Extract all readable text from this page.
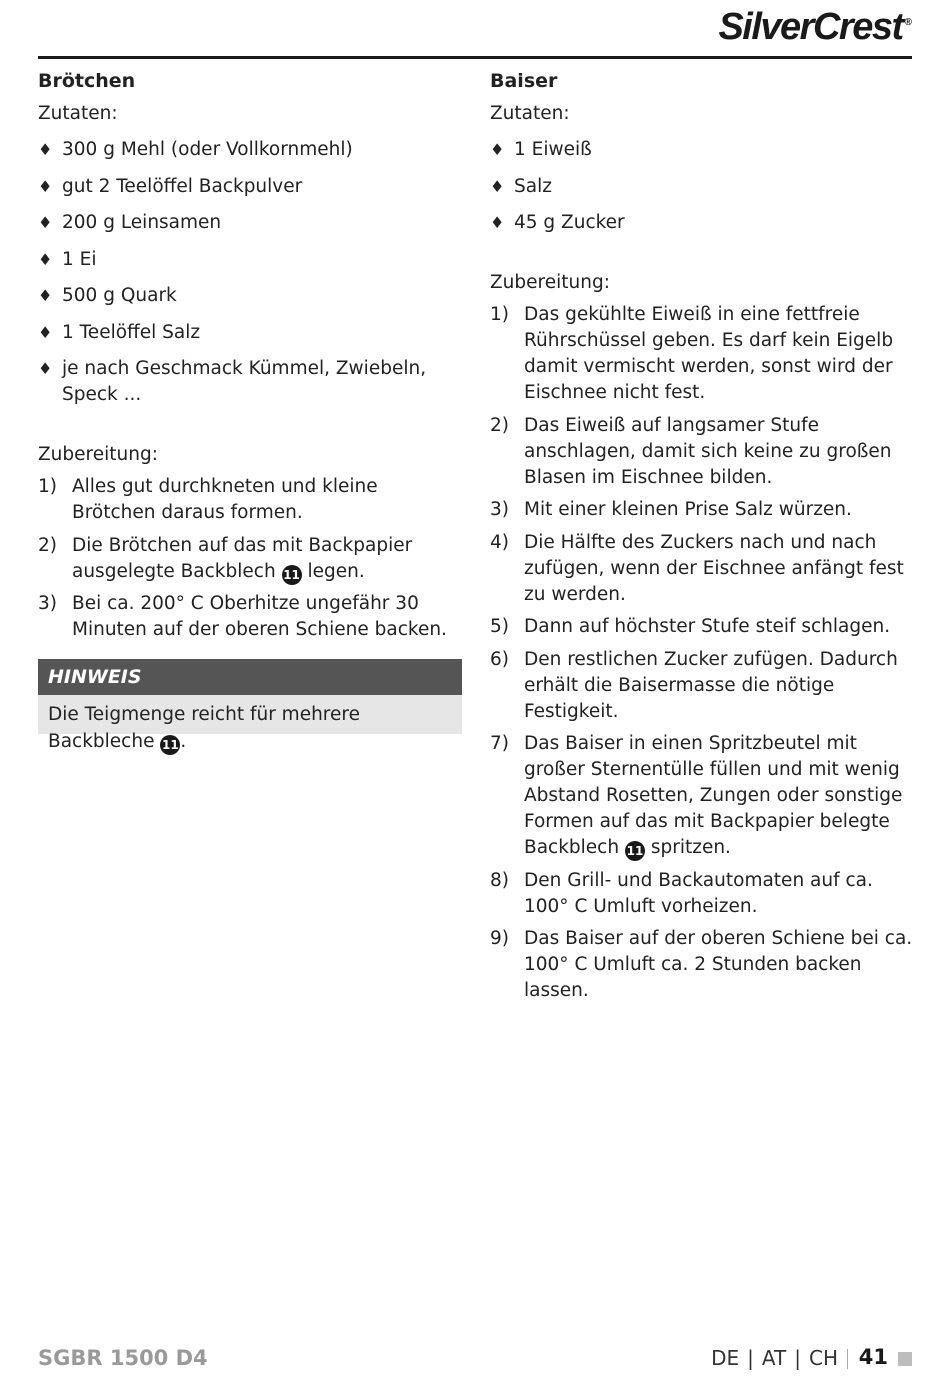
SilverCrest ®
Brötchen
Zutaten:
♦ 300 g Mehl (oder Vollkornmehl)
♦ gut 2 Teelöffel Backpulver
♦ 200 g Leinsamen
♦ 1 Ei
♦ 500 g Quark
♦ 1 Teelöffel Salz
♦ je nach Geschmack Kümmel, Zwiebeln, Speck ...
Zubereitung:
1) Alles gut durchkneten und kleine Brötchen daraus formen.
2) Die Brötchen auf das mit Backpapier ausgelegte Backblech 11 legen.
3) Bei ca. 200° C Oberhitze ungefähr 30 Minuten auf der oberen Schiene backen.
HINWEIS
Die Teigmenge reicht für mehrere Backbleche 11.
Baiser
Zutaten:
♦ 1 Eiweiß
♦ Salz
♦ 45 g Zucker
Zubereitung:
1) Das gekühlte Eiweiß in eine fettfreie Rührschüssel geben. Es darf kein Eigelb damit vermischt werden, sonst wird der Eischnee nicht fest.
2) Das Eiweiß auf langsamer Stufe anschlagen, damit sich keine zu großen Blasen im Eischnee bilden.
3) Mit einer kleinen Prise Salz würzen.
4) Die Hälfte des Zuckers nach und nach zufügen, wenn der Eischnee anfängt fest zu werden.
5) Dann auf höchster Stufe steif schlagen.
6) Den restlichen Zucker zufügen. Dadurch erhält die Baisermasse die nötige Festigkeit.
7) Das Baiser in einen Spritzbeutel mit großer Sternentülle füllen und mit wenig Abstand Rosetten, Zungen oder sonstige Formen auf das mit Backpapier belegte Backblech 11 spritzen.
8) Den Grill- und Backautomaten auf ca. 100° C Umluft vorheizen.
9) Das Baiser auf der oberen Schiene bei ca. 100° C Umluft ca. 2 Stunden backen lassen.
SGBR 1500 D4	DE | AT | CH 41
